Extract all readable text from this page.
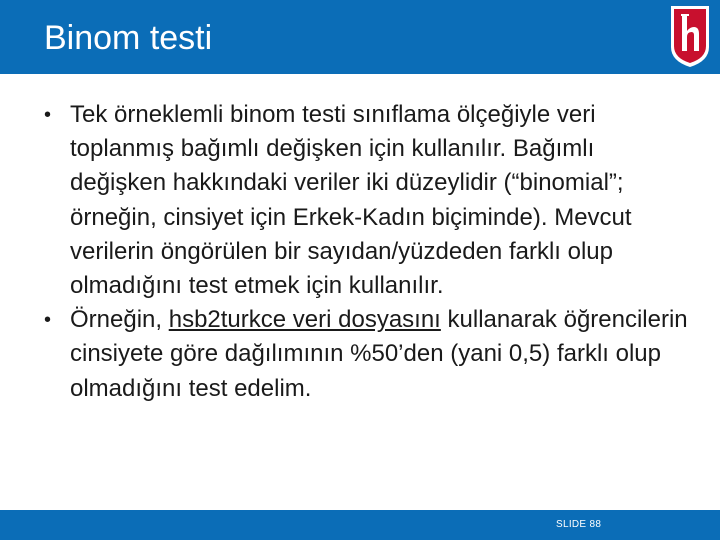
Binom testi
• Tek örneklemli binom testi sınıflama ölçeğiyle veri toplanmış bağımlı değişken için kullanılır. Bağımlı değişken hakkındaki veriler iki düzeylidir (“binomial”; örneğin, cinsiyet için Erkek-Kadın biçiminde). Mevcut verilerin öngörülen bir sayıdan/yüzdeden farklı olup olmadığını test etmek için kullanılır.
• Örneğin, hsb2turkce veri dosyasını kullanarak öğrencilerin cinsiyete göre dağılımının %50’den (yani 0,5) farklı olup olmadığını test edelim.
SLIDE 88
